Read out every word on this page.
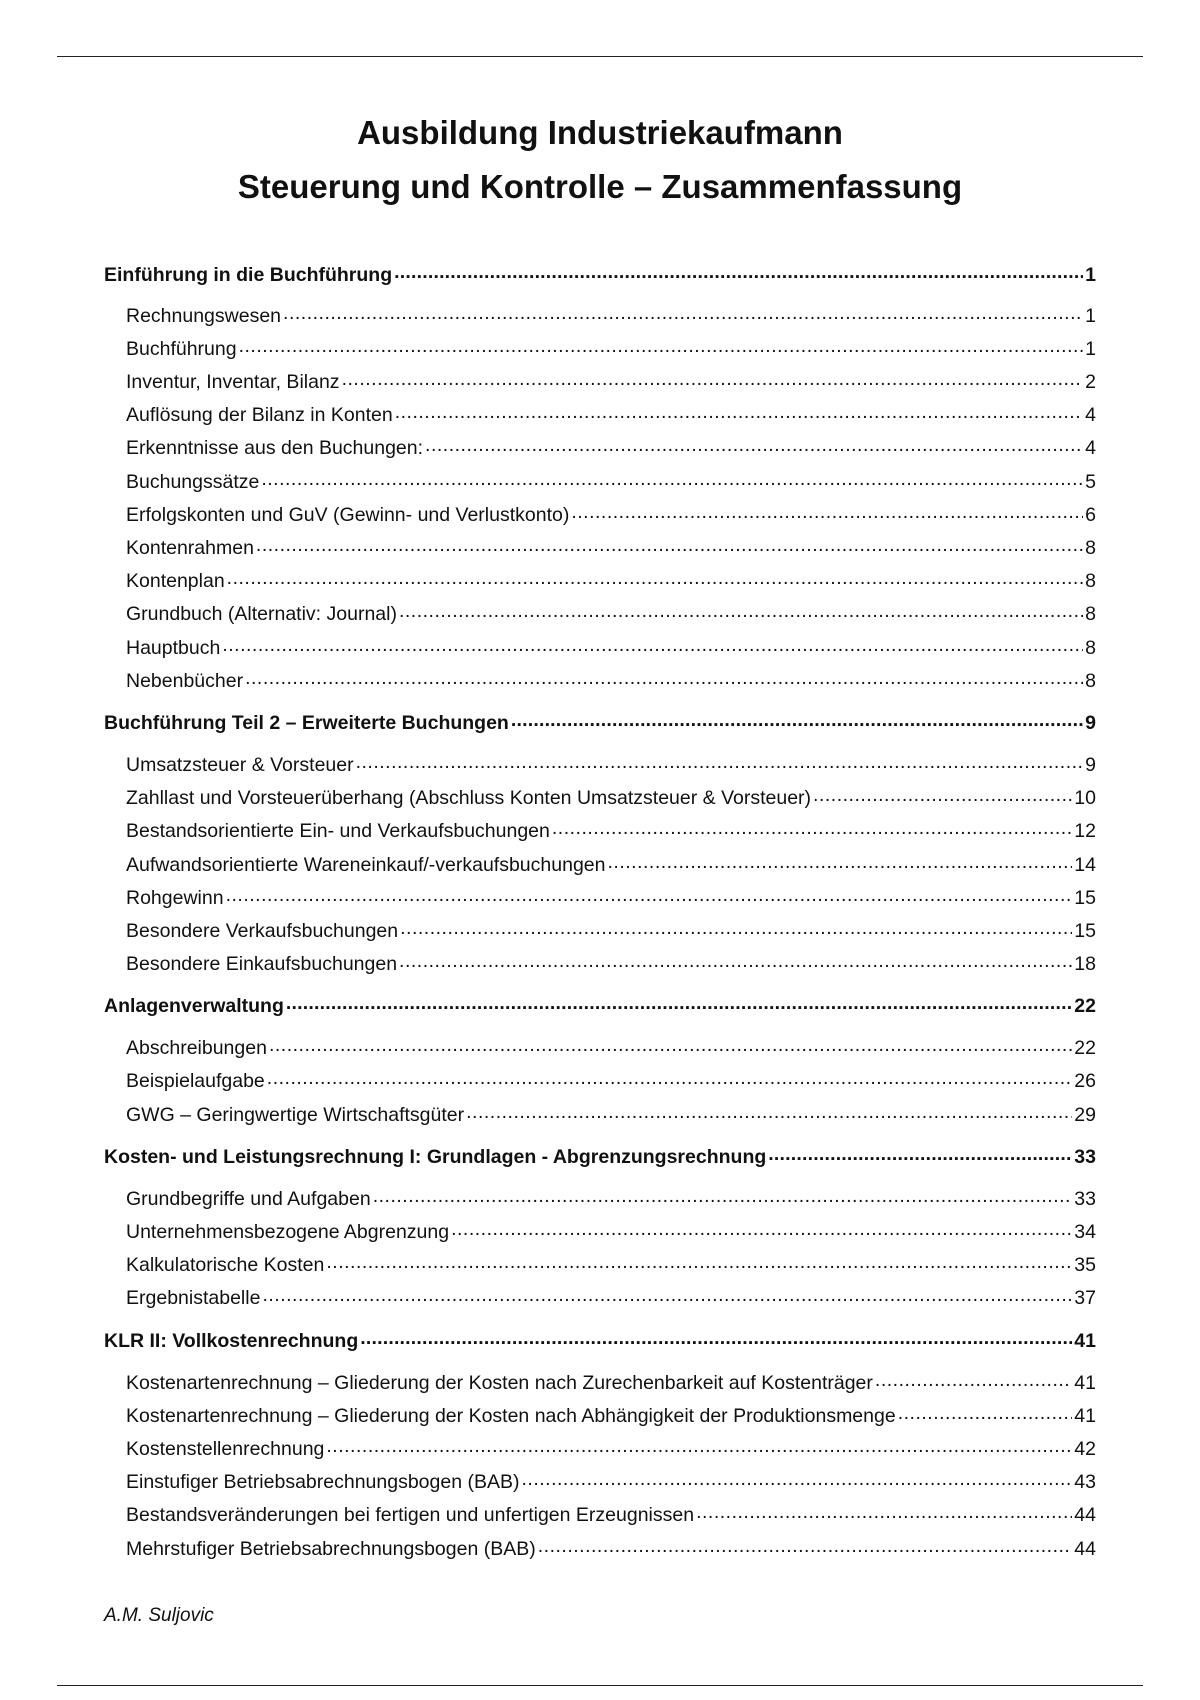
Ausbildung Industriekaufmann
Steuerung und Kontrolle – Zusammenfassung
Einführung in die Buchführung .....	1
Rechnungswesen .....	1
Buchführung .....	1
Inventur, Inventar, Bilanz .....	2
Auflösung der Bilanz in Konten .....	4
Erkenntnisse aus den Buchungen: .....	4
Buchungssätze .....	5
Erfolgskonten und GuV (Gewinn- und Verlustkonto) .....	6
Kontenrahmen .....	8
Kontenplan .....	8
Grundbuch (Alternativ: Journal) .....	8
Hauptbuch .....	8
Nebenbücher .....	8
Buchführung Teil 2 – Erweiterte Buchungen .....	9
Umsatzsteuer & Vorsteuer .....	9
Zahllast und Vorsteuerüberhang (Abschluss Konten Umsatzsteuer & Vorsteuer) .....	10
Bestandsorientierte Ein- und Verkaufsbuchungen .....	12
Aufwandsorientierte Wareneinkauf/-verkaufsbuchungen .....	14
Rohgewinn .....	15
Besondere Verkaufsbuchungen .....	15
Besondere Einkaufsbuchungen .....	18
Anlagenverwaltung .....	22
Abschreibungen .....	22
Beispielaufgabe .....	26
GWG – Geringwertige Wirtschaftsgüter .....	29
Kosten- und Leistungsrechnung I: Grundlagen - Abgrenzungsrechnung .....	33
Grundbegriffe und Aufgaben .....	33
Unternehmensbezogene Abgrenzung .....	34
Kalkulatorische Kosten .....	35
Ergebnistabelle .....	37
KLR II: Vollkostenrechnung .....	41
Kostenartenrechnung – Gliederung der Kosten nach Zurechenbarkeit auf Kostenträger .....	41
Kostenartenrechnung – Gliederung der Kosten nach Abhängigkeit der Produktionsmenge .....	41
Kostenstellenrechnung .....	42
Einstufiger Betriebsabrechnungsbogen (BAB) .....	43
Bestandsveränderungen bei fertigen und unfertigen Erzeugnissen .....	44
Mehrstufiger Betriebsabrechnungsbogen (BAB) .....	44
A.M. Suljovic
